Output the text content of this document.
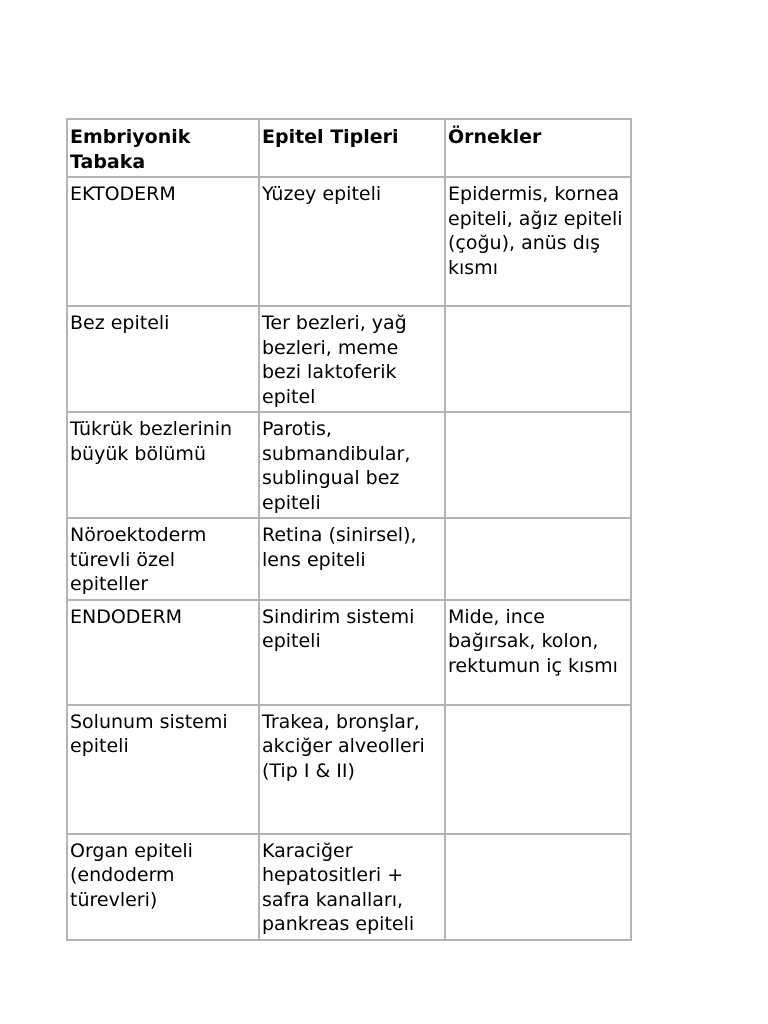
Embriyonik Tabaka	Epitel Tipleri	Örnekler
EKTODERM	Yüzey epiteli	Epidermis, kornea epiteli, ağız epiteli (çoğu), anüs dış kısmı
Bez epiteli	Ter bezleri, yağ bezleri, meme bezi laktoferik epitel	
Tükrük bezlerinin büyük bölümü	Parotis, submandibular, sublingual bez epiteli	
Nöroektoderm türevli özel epiteller	Retina (sinirsel), lens epiteli	
ENDODERM	Sindirim sistemi epiteli	Mide, ince bağırsak, kolon, rektumun iç kısmı
Solunum sistemi epiteli	Trakea, bronşlar, akciğer alveolleri (Tip I & II)	
Organ epiteli (endoderm türevleri)	Karaciğer hepatositleri + safra kanalları, pankreas epiteli	
